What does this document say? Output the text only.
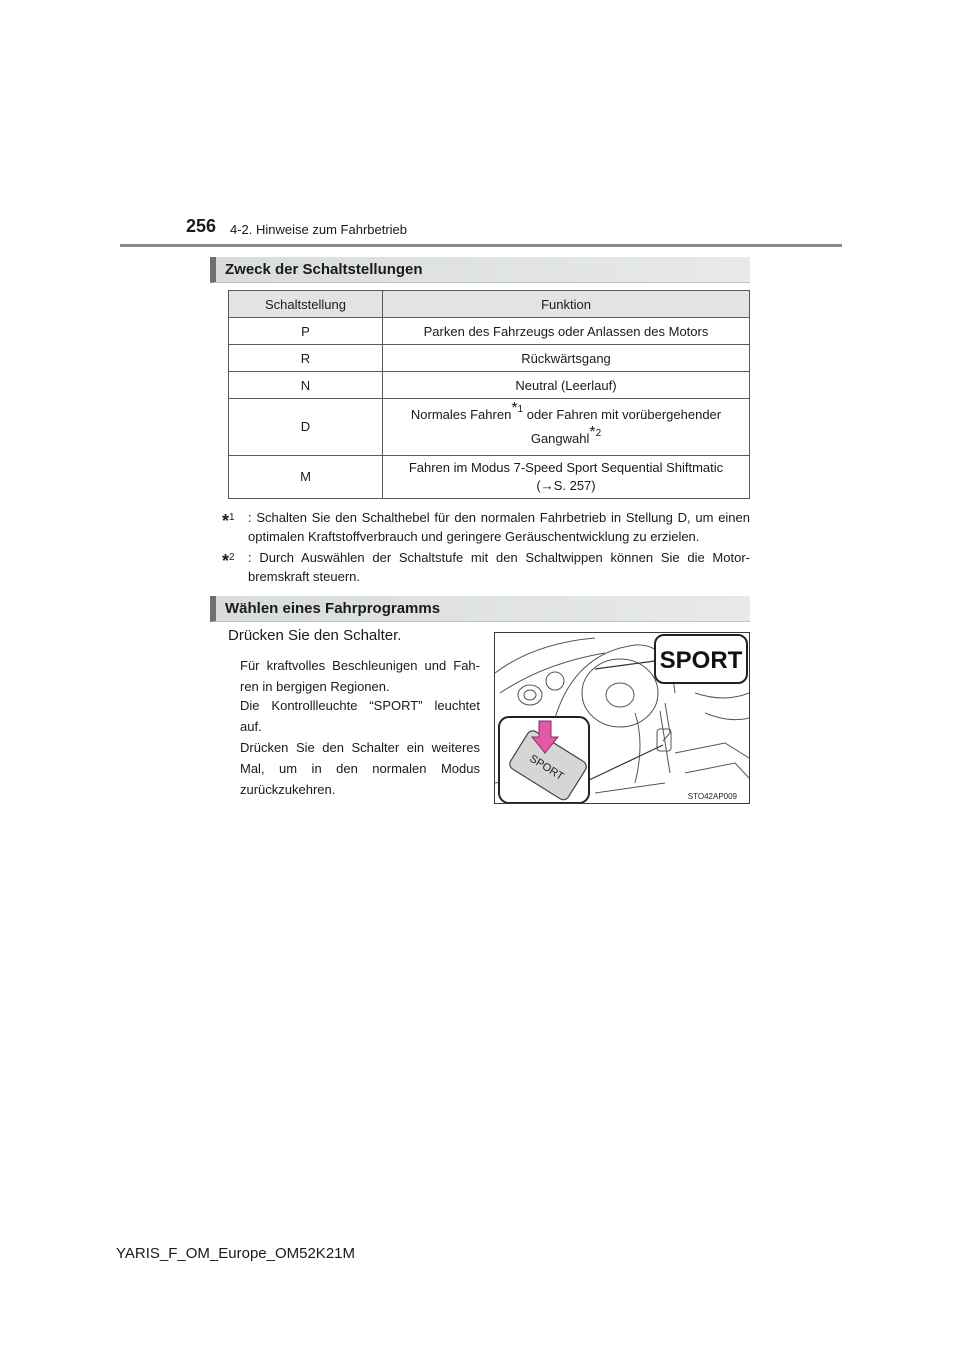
256 4-2. Hinweise zum Fahrbetrieb
Zweck der Schaltstellungen
Schaltstellung	Funktion
P	Parken des Fahrzeugs oder Anlassen des Motors
R	Rückwärtsgang
N	Neutral (Leerlauf)
D	Normales Fahren$^{*1}$ oder Fahren mit vorübergehender
Gangwahl$^{*2}$
M	Fahren im Modus 7-Speed Sport Sequential Shiftmatic
(→S. 257)
*$^1$ : Schalten Sie den Schalthebel für den normalen Fahrbetrieb in Stellung D, um einen optimalen Kraftstoffverbrauch und geringere Geräuschentwicklung zu erzielen.
*$^2$ : Durch Auswählen der Schaltstufe mit den Schaltwippen können Sie die Motor-bremskraft steuern.
Wählen eines Fahrprogramms
Drücken Sie den Schalter.
Für kraftvolles Beschleunigen und Fah-ren in bergigen Regionen.
Die Kontrollleuchte “SPORT” leuchtet auf.
Drücken Sie den Schalter ein weiteres Mal, um in den normalen Modus zurückzukehren.
SPORT
SPORT
STO42AP009
YARIS_F_OM_Europe_OM52K21M
